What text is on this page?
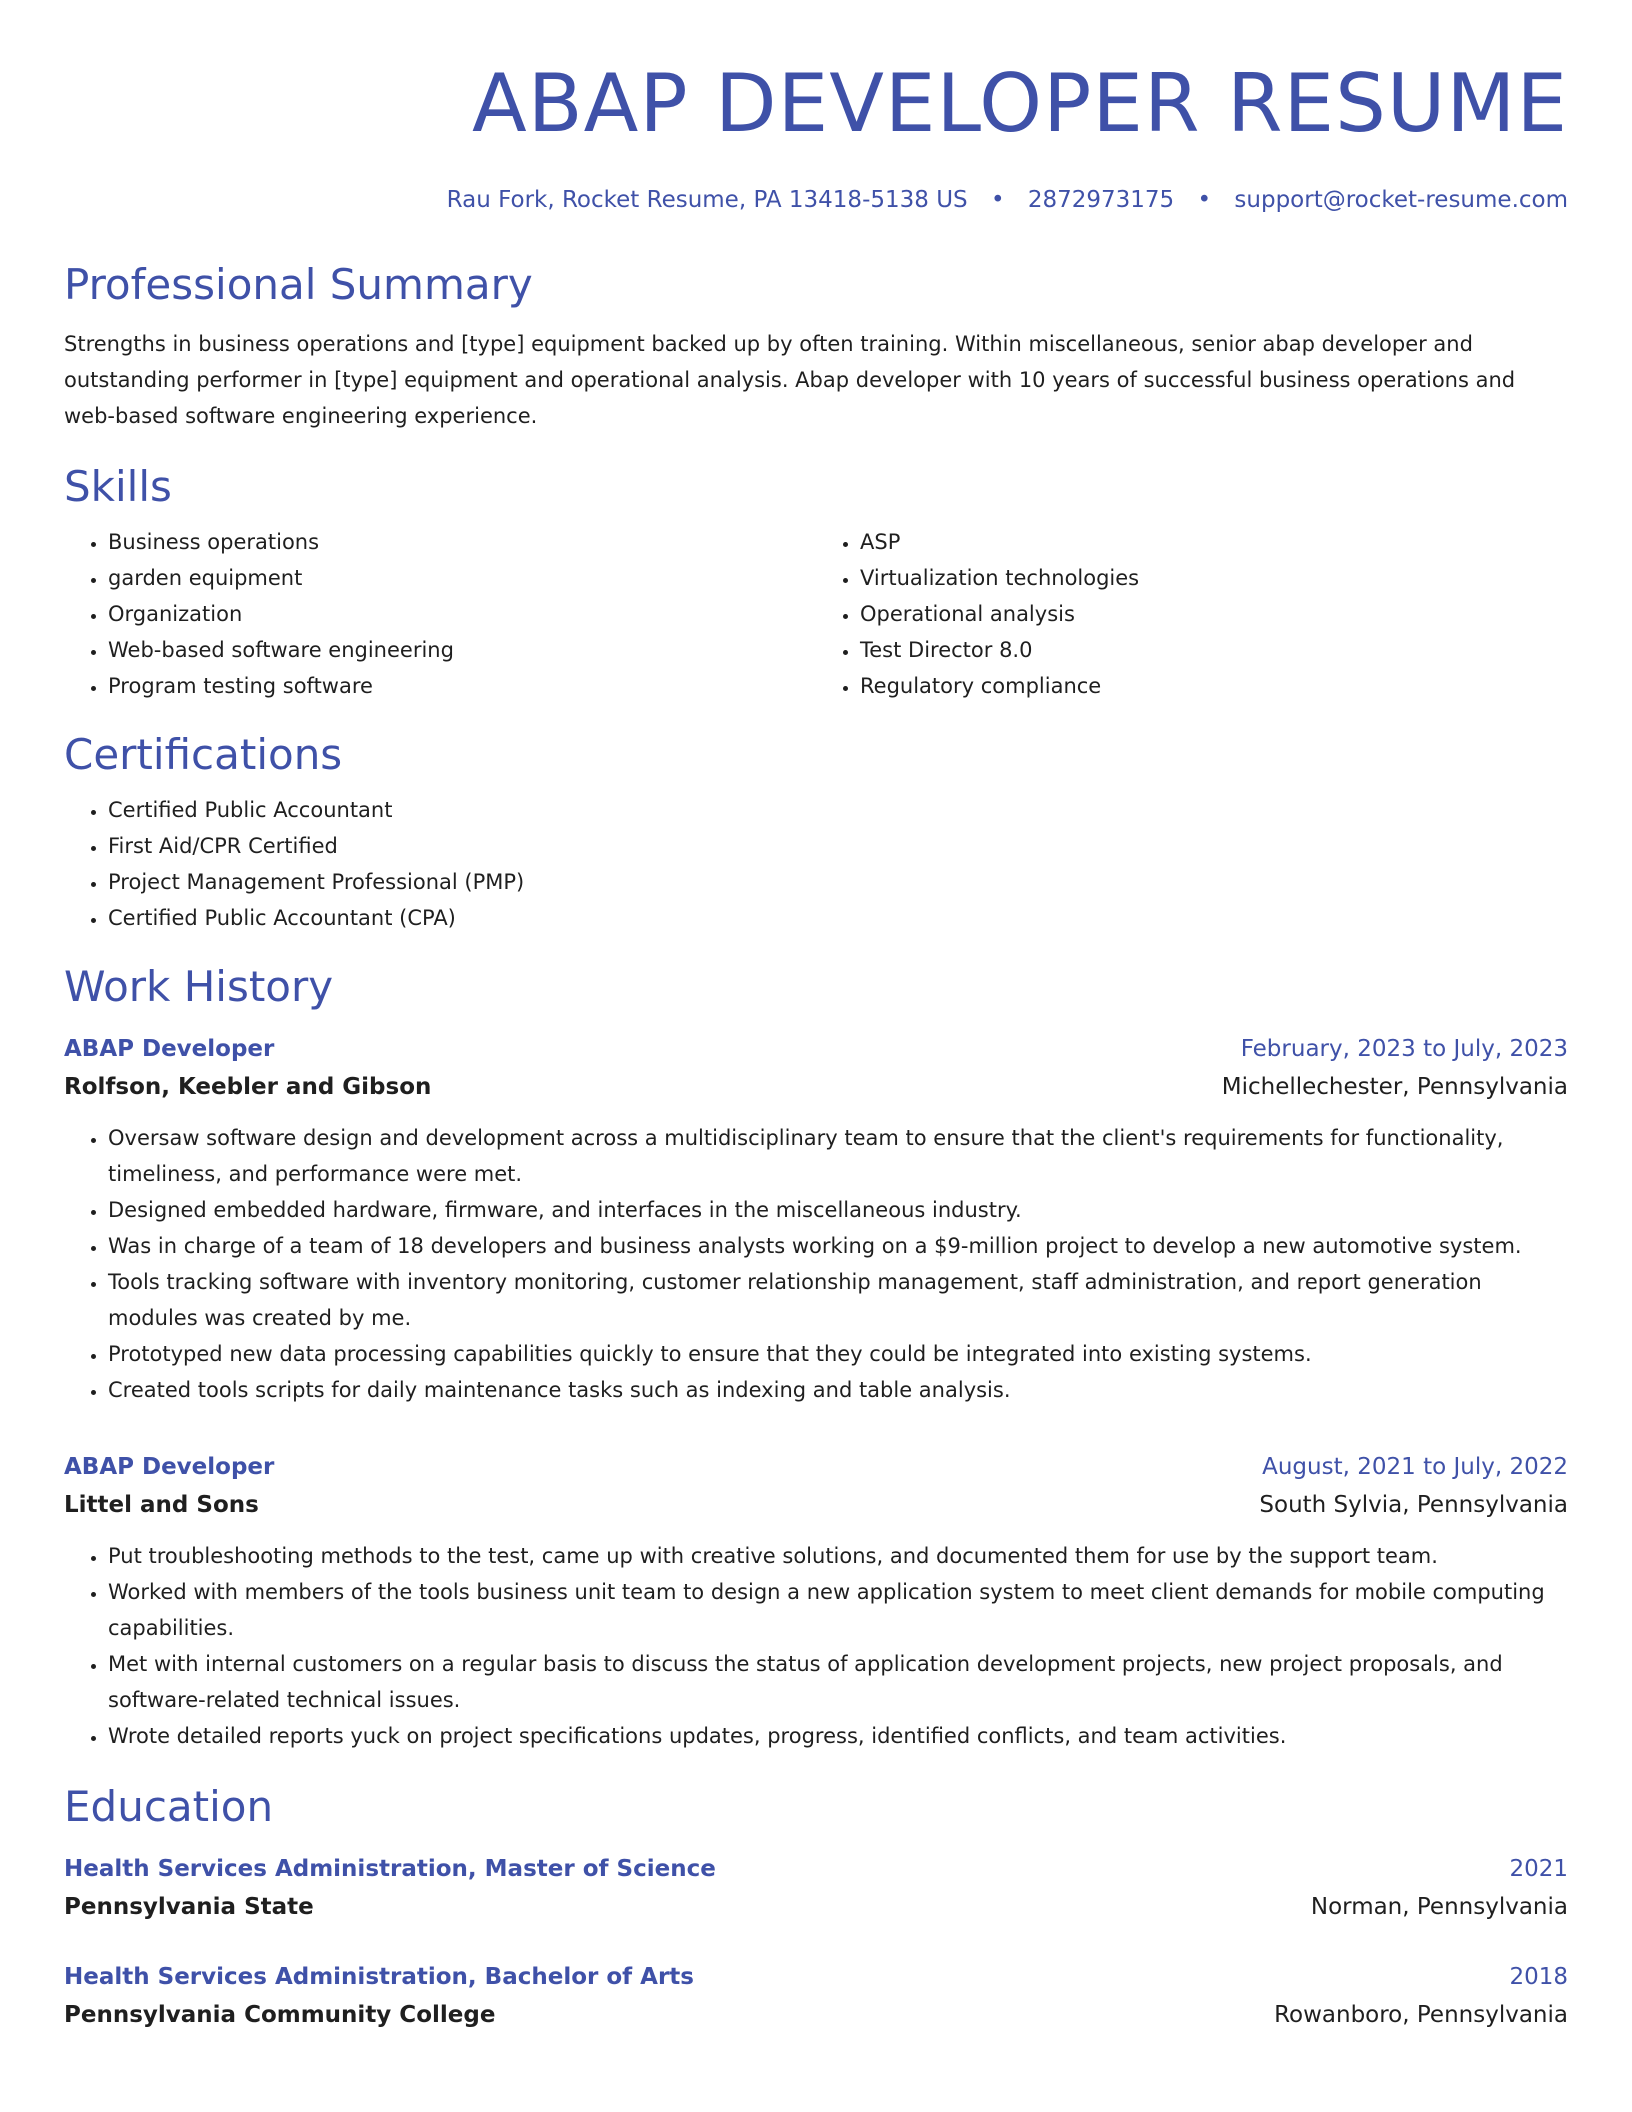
ABAP DEVELOPER RESUME
Rau Fork, Rocket Resume, PA 13418-5138 US • 2872973175 • support@rocket-resume.com
Professional Summary

Strengths in business operations and [type] equipment backed up by often training. Within miscellaneous, senior abap developer and outstanding performer in [type] equipment and operational analysis. Abap developer with 10 years of successful business operations and web-based software engineering experience.

Skills
• Business operations
• garden equipment
• Organization
• Web-based software engineering
• Program testing software
• ASP
• Virtualization technologies
• Operational analysis
• Test Director 8.0
• Regulatory compliance
Certifications
• Certified Public Accountant
• First Aid/CPR Certified
• Project Management Professional (PMP)
• Certified Public Accountant (CPA)
Work History
ABAP Developer	February, 2023 to July, 2023
Rolfson, Keebler and Gibson	Michellechester, Pennsylvania
• Oversaw software design and development across a multidisciplinary team to ensure that the client's requirements for functionality, timeliness, and performance were met.
• Designed embedded hardware, firmware, and interfaces in the miscellaneous industry.
• Was in charge of a team of 18 developers and business analysts working on a $9-million project to develop a new automotive system.
• Tools tracking software with inventory monitoring, customer relationship management, staff administration, and report generation modules was created by me.
• Prototyped new data processing capabilities quickly to ensure that they could be integrated into existing systems.
• Created tools scripts for daily maintenance tasks such as indexing and table analysis.
ABAP Developer	August, 2021 to July, 2022
Littel and Sons	South Sylvia, Pennsylvania
• Put troubleshooting methods to the test, came up with creative solutions, and documented them for use by the support team.
• Worked with members of the tools business unit team to design a new application system to meet client demands for mobile computing capabilities.
• Met with internal customers on a regular basis to discuss the status of application development projects, new project proposals, and software-related technical issues.
• Wrote detailed reports yuck on project specifications updates, progress, identified conflicts, and team activities.
Education
Health Services Administration, Master of Science	2021
Pennsylvania State	Norman, Pennsylvania
Health Services Administration, Bachelor of Arts	2018
Pennsylvania Community College	Rowanboro, Pennsylvania
